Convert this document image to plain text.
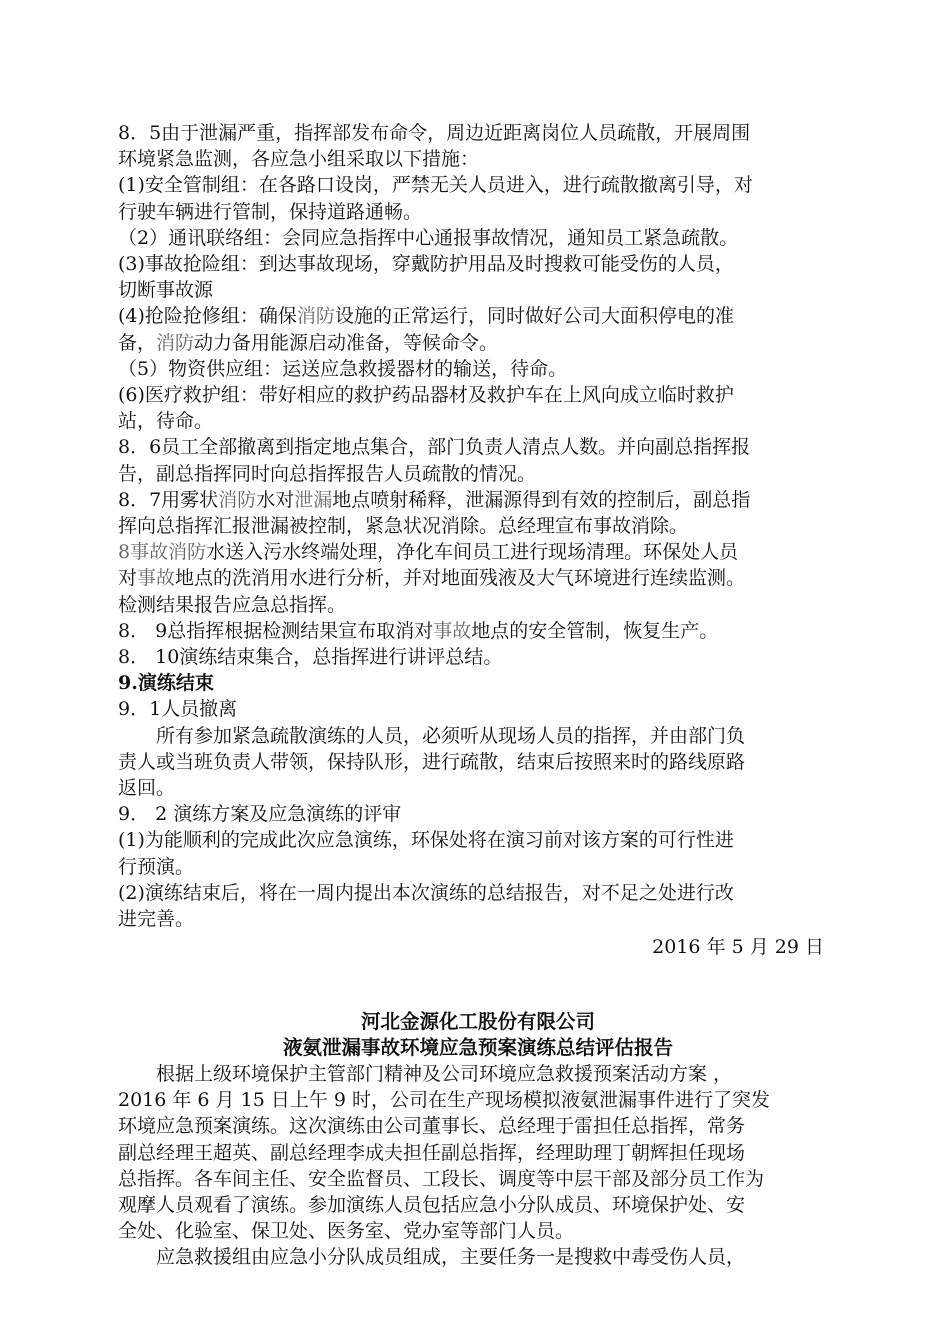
8．5由于泄漏严重，指挥部发布命令，周边近距离岗位人员疏散，开展周围
环境紧急监测，各应急小组采取以下措施：
(1)安全管制组：在各路口设岗，严禁无关人员进入，进行疏散撤离引导，对
行驶车辆进行管制，保持道路通畅。
（2）通讯联络组：会同应急指挥中心通报事故情况，通知员工紧急疏散。
(3)事故抢险组：到达事故现场，穿戴防护用品及时搜救可能受伤的人员，
切断事故源
(4)抢险抢修组：确保消防设施的正常运行，同时做好公司大面积停电的准
备，消防动力备用能源启动准备，等候命令。
（5）物资供应组：运送应急救援器材的输送，待命。
(6)医疗救护组：带好相应的救护药品器材及救护车在上风向成立临时救护
站，待命。
8．6员工全部撤离到指定地点集合，部门负责人清点人数。并向副总指挥报
告，副总指挥同时向总指挥报告人员疏散的情况。
8．7用雾状消防水对泄漏地点喷射稀释，泄漏源得到有效的控制后，副总指
挥向总指挥汇报泄漏被控制，紧急状况消除。总经理宣布事故消除。
8事故消防水送入污水终端处理，净化车间员工进行现场清理。环保处人员
对事故地点的洗消用水进行分析，并对地面残液及大气环境进行连续监测。
检测结果报告应急总指挥。
8． 9总指挥根据检测结果宣布取消对事故地点的安全管制，恢复生产。
8． 10演练结束集合，总指挥进行讲评总结。
9.演练结束
9．1人员撤离
所有参加紧急疏散演练的人员，必须听从现场人员的指挥，并由部门负
责人或当班负责人带领，保持队形，进行疏散，结束后按照来时的路线原路
返回。
9． 2 演练方案及应急演练的评审
(1)为能顺利的完成此次应急演练，环保处将在演习前对该方案的可行性进
行预演。
(2)演练结束后，将在一周内提出本次演练的总结报告，对不足之处进行改
进完善。
2016 年 5 月 29 日
河北金源化工股份有限公司
液氨泄漏事故环境应急预案演练总结评估报告
根据上级环境保护主管部门精神及公司环境应急救援预案活动方案 ，
2016 年 6 月 15 日上午 9 时，公司在生产现场模拟液氨泄漏事件进行了突发
环境应急预案演练。这次演练由公司董事长、总经理于雷担任总指挥，常务
副总经理王超英、副总经理李成夫担任副总指挥，经理助理丁朝辉担任现场
总指挥。各车间主任、安全监督员、工段长、调度等中层干部及部分员工作为
观摩人员观看了演练。参加演练人员包括应急小分队成员、环境保护处、安
全处、化验室、保卫处、医务室、党办室等部门人员。
应急救援组由应急小分队成员组成，主要任务一是搜救中毒受伤人员，
